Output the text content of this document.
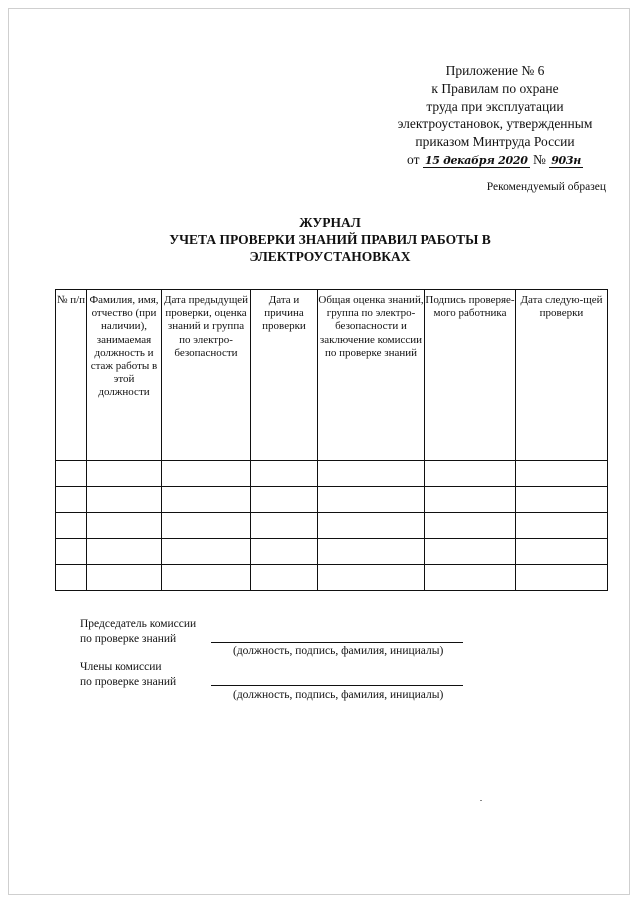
Приложение № 6
к Правилам по охране
труда при эксплуатации
электроустановок, утвержденным
приказом Минтруда России
от 15 декабря 2020 № 903н
Рекомендуемый образец
ЖУРНАЛ
УЧЕТА ПРОВЕРКИ ЗНАНИЙ ПРАВИЛ РАБОТЫ В
ЭЛЕКТРОУСТАНОВКАХ
№ п/п	Фамилия, имя, отчество (при наличии), занимаемая должность и стаж работы в этой должности	Дата предыдущей проверки, оценка знаний и группа по электро-безопасности	Дата и причина проверки	Общая оценка знаний, группа по электро-безопасности и заключение комиссии по проверке знаний	Подпись проверяе-мого работника	Дата следую-щей проверки

Председатель комиссии
по проверке знаний
(должность, подпись, фамилия, инициалы)
Члены комиссии
по проверке знаний
(должность, подпись, фамилия, инициалы)
